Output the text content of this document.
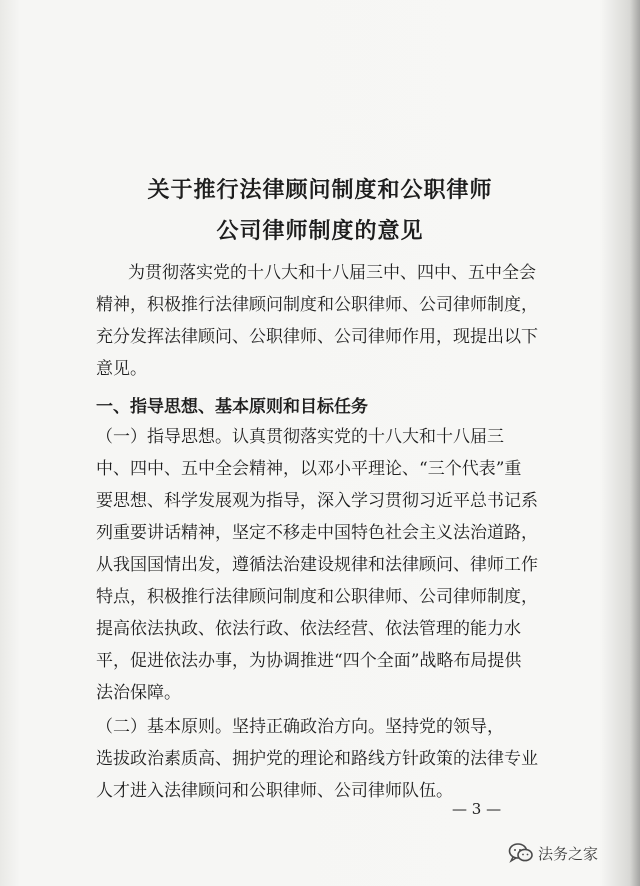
关于推行法律顾问制度和公职律师
公司律师制度的意见
为贯彻落实党的十八大和十八届三中、四中、五中全会
精神，积极推行法律顾问制度和公职律师、公司律师制度，
充分发挥法律顾问、公职律师、公司律师作用，现提出以下
意见。
一、指导思想、基本原则和目标任务
（一）指导思想。认真贯彻落实党的十八大和十八届三
中、四中、五中全会精神，以邓小平理论、“三个代表”重
要思想、科学发展观为指导，深入学习贯彻习近平总书记系
列重要讲话精神，坚定不移走中国特色社会主义法治道路，
从我国国情出发，遵循法治建设规律和法律顾问、律师工作
特点，积极推行法律顾问制度和公职律师、公司律师制度，
提高依法执政、依法行政、依法经营、依法管理的能力水
平，促进依法办事，为协调推进“四个全面”战略布局提供
法治保障。
（二）基本原则。坚持正确政治方向。坚持党的领导，
选拔政治素质高、拥护党的理论和路线方针政策的法律专业
人才进入法律顾问和公职律师、公司律师队伍。
— 3 —
法务之家
